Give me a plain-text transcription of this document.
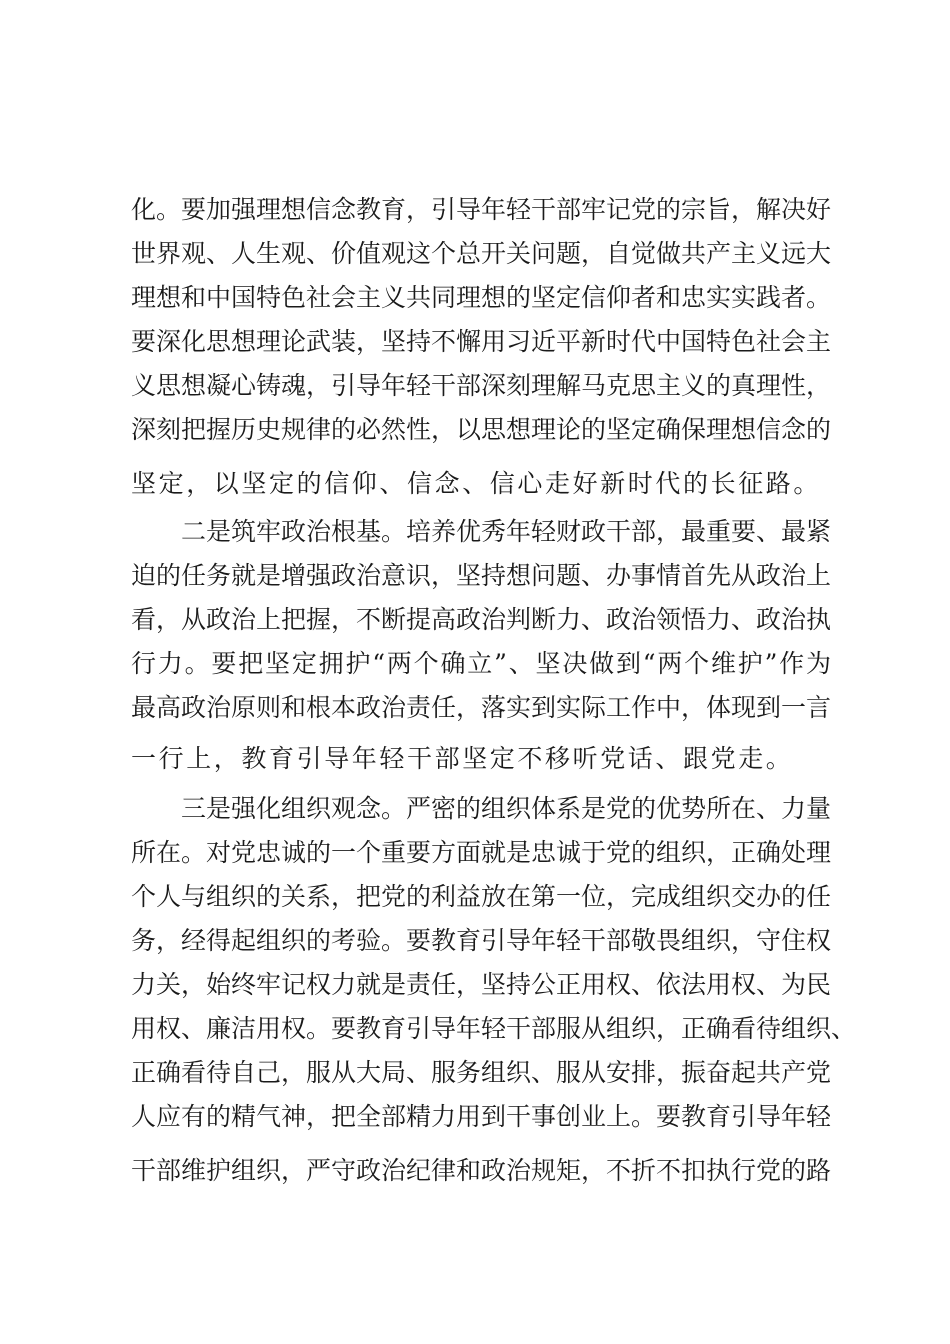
化。要加强理想信念教育，引导年轻干部牢记党的宗旨，解决好
世界观、人生观、价值观这个总开关问题，自觉做共产主义远大
理想和中国特色社会主义共同理想的坚定信仰者和忠实实践者。
要深化思想理论武装，坚持不懈用习近平新时代中国特色社会主
义思想凝心铸魂，引导年轻干部深刻理解马克思主义的真理性，
深刻把握历史规律的必然性，以思想理论的坚定确保理想信念的
坚定，以坚定的信仰、信念、信心走好新时代的长征路。
二是筑牢政治根基。培养优秀年轻财政干部，最重要、最紧
迫的任务就是增强政治意识，坚持想问题、办事情首先从政治上
看，从政治上把握，不断提高政治判断力、政治领悟力、政治执
行力。要把坚定拥护“两个确立”、坚决做到“两个维护”作为
最高政治原则和根本政治责任，落实到实际工作中，体现到一言
一行上，教育引导年轻干部坚定不移听党话、跟党走。
三是强化组织观念。严密的组织体系是党的优势所在、力量
所在。对党忠诚的一个重要方面就是忠诚于党的组织，正确处理
个人与组织的关系，把党的利益放在第一位，完成组织交办的任
务，经得起组织的考验。要教育引导年轻干部敬畏组织，守住权
力关，始终牢记权力就是责任，坚持公正用权、依法用权、为民
用权、廉洁用权。要教育引导年轻干部服从组织，正确看待组织、
正确看待自己，服从大局、服务组织、服从安排，振奋起共产党
人应有的精气神，把全部精力用到干事创业上。要教育引导年轻
干部维护组织，严守政治纪律和政治规矩，不折不扣执行党的路
